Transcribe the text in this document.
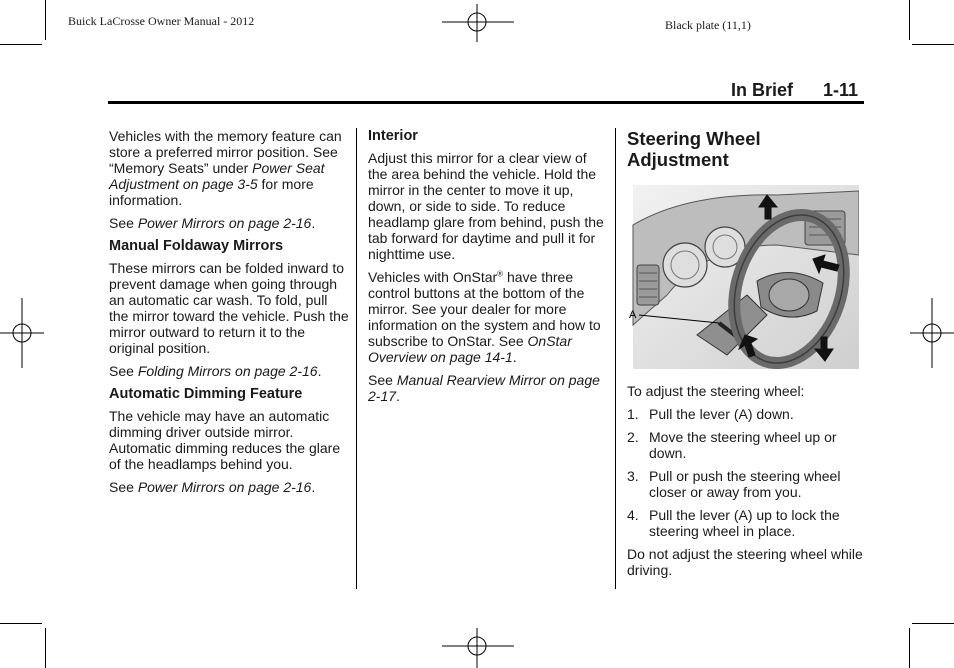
Buick LaCrosse Owner Manual - 2012	Black plate (11,1)
In Brief 1-11

Vehicles with the memory feature can store a preferred mirror position. See “Memory Seats” under Power Seat Adjustment on page 3-5 for more information.

See Power Mirrors on page 2-16.

Manual Foldaway Mirrors

These mirrors can be folded inward to prevent damage when going through an automatic car wash. To fold, pull the mirror toward the vehicle. Push the mirror outward to return it to the original position.

See Folding Mirrors on page 2-16.

Automatic Dimming Feature

The vehicle may have an automatic dimming driver outside mirror. Automatic dimming reduces the glare of the headlamps behind you.

See Power Mirrors on page 2-16.

Interior

Adjust this mirror for a clear view of the area behind the vehicle. Hold the mirror in the center to move it up, down, or side to side. To reduce headlamp glare from behind, push the tab forward for daytime and pull it for nighttime use.

Vehicles with OnStar® have three control buttons at the bottom of the mirror. See your dealer for more information on the system and how to subscribe to OnStar. See OnStar Overview on page 14-1.

See Manual Rearview Mirror on page 2-17.

Steering Wheel Adjustment
A

To adjust the steering wheel:

1. Pull the lever (A) down.
2. Move the steering wheel up or down.
3. Pull or push the steering wheel closer or away from you.
4. Pull the lever (A) up to lock the steering wheel in place.

Do not adjust the steering wheel while driving.
